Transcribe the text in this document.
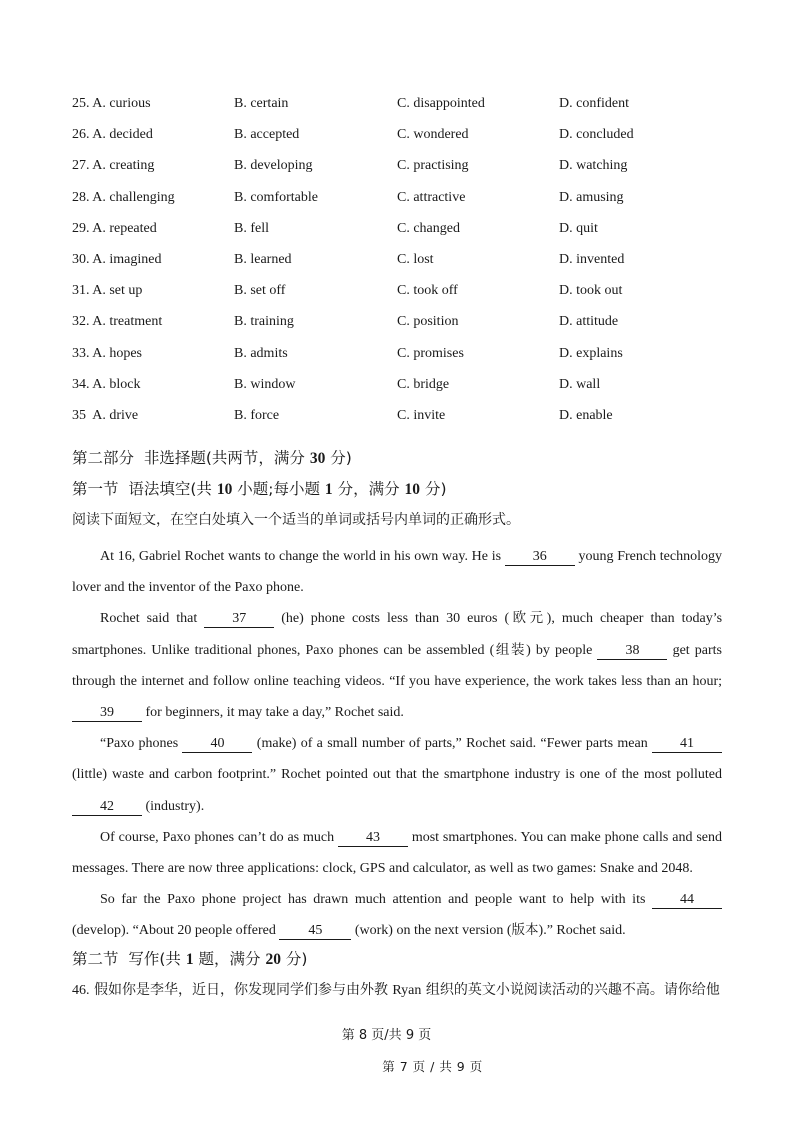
25. A. curious	B. certain	C. disappointed	D. confident
26. A. decided	B. accepted	C. wondered	D. concluded
27. A. creating	B. developing	C. practising	D. watching
28. A. challenging	B. comfortable	C. attractive	D. amusing
29. A. repeated	B. fell	C. changed	D. quit
30. A. imagined	B. learned	C. lost	D. invented
31. A. set up	B. set off	C. took off	D. took out
32. A. treatment	B. training	C. position	D. attitude
33. A. hopes	B. admits	C. promises	D. explains
34. A. block	B. window	C. bridge	D. wall
35  A. drive	B. force	C. invite	D. enable
第二部分  非选择题(共两节，满分 30 分)
第一节  语法填空(共 10 小题;每小题 1 分，满分 10 分)
阅读下面短文，在空白处填入一个适当的单词或括号内单词的正确形式。

At 16, Gabriel Rochet wants to change the world in his own way. He is 36 young French technology lover and the inventor of the Paxo phone.

Rochet said that 37 (he) phone costs less than 30 euros (欧元), much cheaper than today’s smartphones. Unlike traditional phones, Paxo phones can be assembled (组装) by people 38 get parts through the internet and follow online teaching videos. “If you have experience, the work takes less than an hour; 39 for beginners, it may take a day,” Rochet said.

“Paxo phones 40 (make) of a small number of parts,” Rochet said. “Fewer parts mean 41 (little) waste and carbon footprint.” Rochet pointed out that the smartphone industry is one of the most polluted 42 (industry).

Of course, Paxo phones can’t do as much 43 most smartphones. You can make phone calls and send messages. There are now three applications: clock, GPS and calculator, as well as two games: Snake and 2048.

So far the Paxo phone project has drawn much attention and people want to help with its 44 (develop). “About 20 people offered 45 (work) on the next version (版本).” Rochet said.

第二节  写作(共 1 题，满分 20 分)
46. 假如你是李华，近日，你发现同学们参与由外教 Ryan 组织的英文小说阅读活动的兴趣不高。请你给他
第 8 页/共 9 页
第 7 页 / 共 9 页
